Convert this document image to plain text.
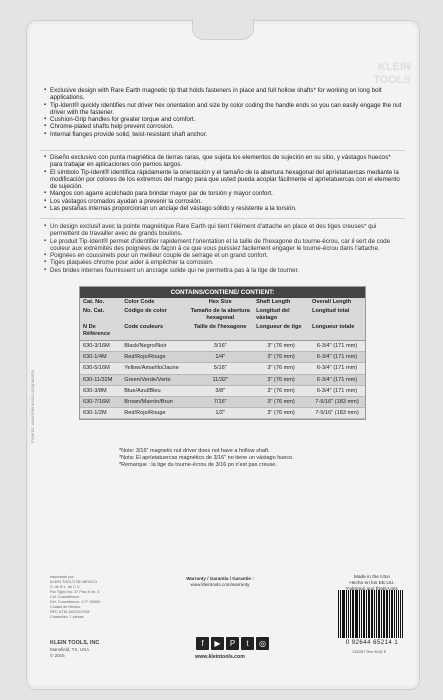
KLEIN TOOLS
▪ Exclusive design with Rare Earth magnetic tip that holds fasteners in place and full hollow shafts* for working on long bolt applications.
▪ Tip-Ident® quickly identifies nut driver hex orientation and size by color coding the handle ends so you can easily engage the nut driver with the fastener.
▪ Cushion-Grip handles for greater torque and comfort.
▪ Chrome-plated shafts help prevent corrosion.
▪ Internal flanges provide solid, twist-resistant shaft anchor.
▪ Diseño exclusivo con punta magnética de tierras raras, que sujeta los elementos de sujeción en su sitio, y vástagos huecos* para trabajar en aplicaciones con pernos largos.
▪ El símbolo Tip-Ident® identifica rápidamente la orientación y el tamaño de la abertura hexagonal del apríetatuercas mediante la modificación por colores de los extremos del mango para que usted pueda acoplar fácilmente el apríetatuercas con el elemento de sujeción.
▪ Mangos con agarre acolchado para brindar mayor par de torsión y mayor confort.
▪ Los vástagos cromados ayudan a prevenir la corrosión.
▪ Las pestañas internas proporcionan un anclaje del vástago sólido y resistente a la torsión.
▪ Un design exclusif avec la pointe magnétique Rare Earth qui tient l'élément d'attache en place et des tiges creuses* qui permettent de travailler avec de grands boulons.
▪ Le produit Tip-Ident® permet d'identifier rapidement l'orientation et la taille de l'hexagone du tourne-écrou, car il sert de code couleur aux extrémités des poignées de façon à ce que vous puissiez facilement engager le tourne-écrou dans l'attache.
▪ Poignées en coussinets pour un meilleur couple de serrage et un grand confort.
▪ Tiges plaquées chrome pour aider à empêcher la corrosion.
▪ Des brides internes fournissent un ancrage solide qui ne permettra pas à la tige de tourner.
Patents: www.kleintools.com/patents
CONTAINS/CONTIENE/ CONTIENT:
Cat. No.	Color Code	Hex Size	Shaft Length	Overall Length
No. Cat.	Código de color	Tamaño de la abertura hexagonal	Longitud del vástago	Longitud total
N De Référence	Code couleurs	Taille de l'hexagone	Longueur de tige	Longueur totale
630-3/16M	Black/Negro/Noir	3/16"	3" (76 mm)	6-3/4" (171 mm)
630-1/4M	Red/Rojo/Rouge	1/4"	3" (76 mm)	6-3/4" (171 mm)
630-5/16M	Yellow/Amarillo/Jaune	5/16"	3" (76 mm)	6-3/4" (171 mm)
630-11/32M	Green/Verde/Verte	11/32"	3" (76 mm)	6-3/4" (171 mm)
630-3/8M	Blue/Azul/Bleu	3/8"	3" (76 mm)	6-3/4" (171 mm)
630-7/16M	Brown/Marrón/Brun	7/16"	3" (76 mm)	7-5/16" (183 mm)
630-1/2M	Red/Rojo/Rouge	1/2"	3" (76 mm)	7-5/16" (183 mm)
*Note: 3/16" magnetic nut driver does not have a hollow shaft.
*Nota: El apríetatuercas magnético de 3/16" no tiene un vástago hueco.
*Remarque : la tige du tourne-écrou de 3/16 po n'est pas creuse.
Importado por:
KLEIN TOOLS DE MÉXICO
S. de R.L. de C.V.
Río Tigris No. 37 Piso 5 Int. 3
Col. Cuauhtémoc
Del. Cuauhtémoc, C.P. 06500
Ciudad de México
RFC KTM-160229-RV8
Contenido: 7 piezas
KLEIN TOOLS, INC
Mansfield, TX, USA
© 2016
Warranty / Garantía / Garantie :
www.kleintools.com/warranty
f	▶	P	t	◎
www.kleintools.com
Made in the USA
Hecho en los EE.UU.
0 92644 65214 1
132057 Rev 6/16 E
